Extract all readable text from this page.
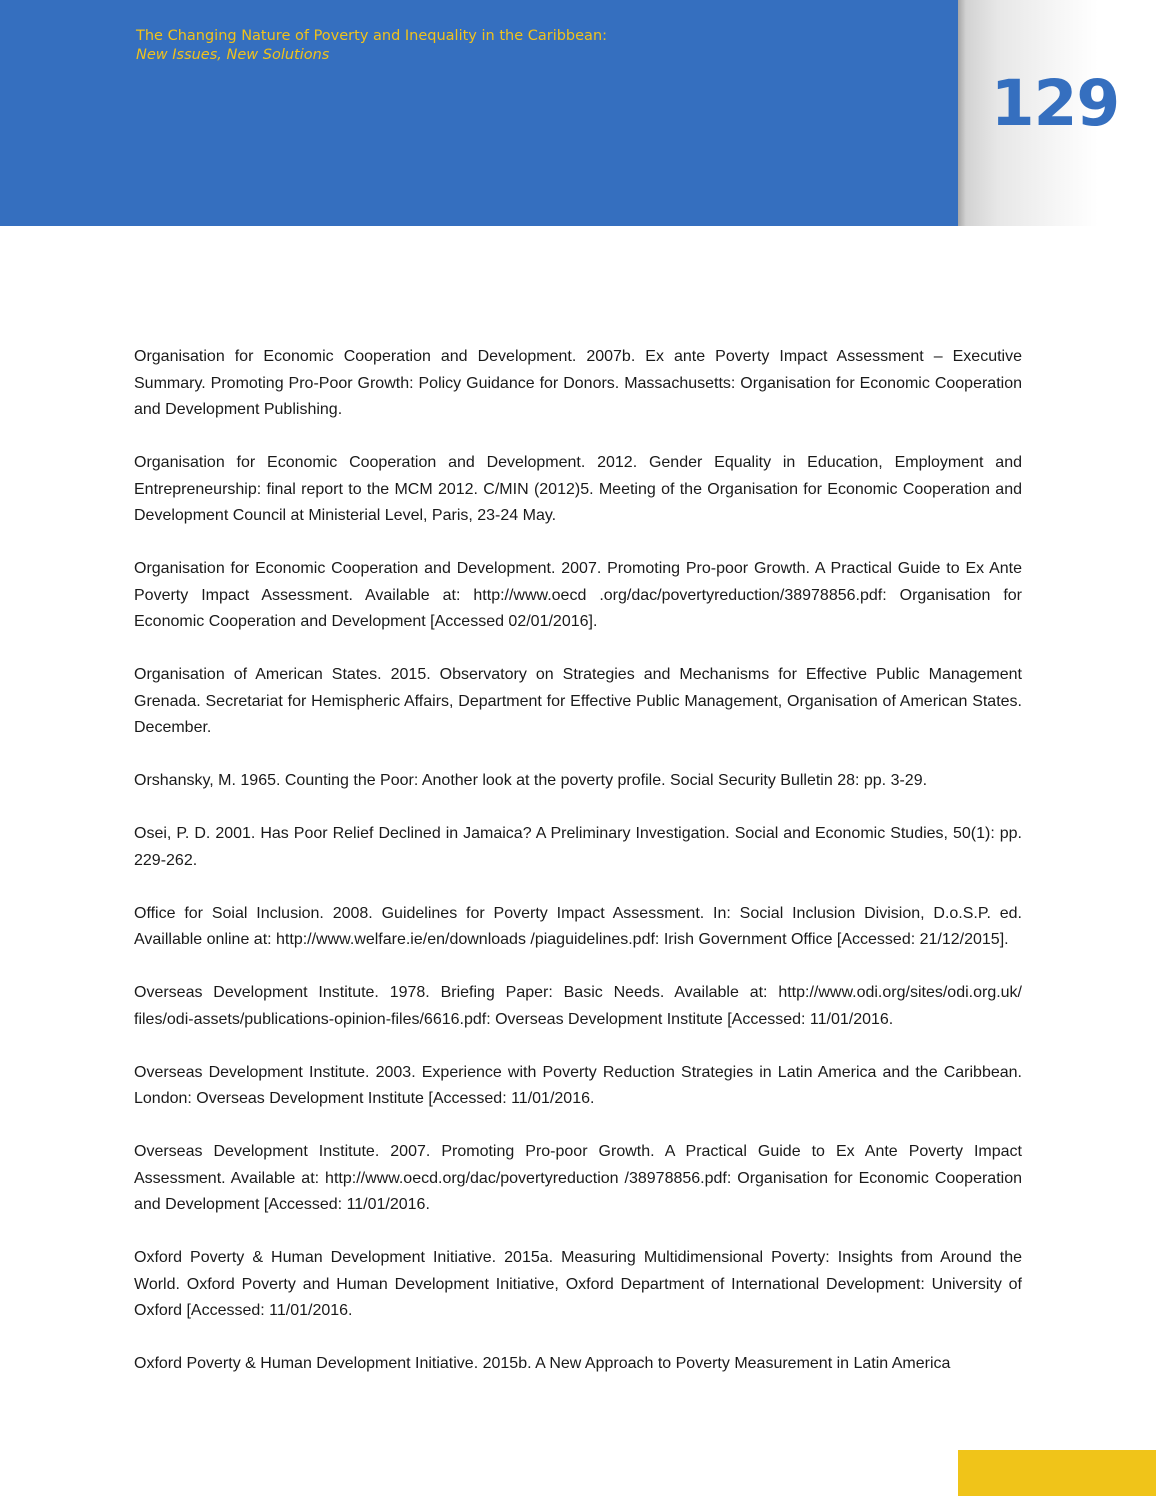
The Changing Nature of Poverty and Inequality in the Caribbean:
New Issues, New Solutions
129
Organisation for Economic Cooperation and Development. 2007b. Ex ante Poverty Impact Assessment – Executive Summary. Promoting Pro-Poor Growth: Policy Guidance for Donors. Massachusetts: Organisation for Economic Cooperation and Development Publishing.
Organisation for Economic Cooperation and Development. 2012. Gender Equality in Education, Employment and Entrepreneurship: final report to the MCM 2012. C/MIN (2012)5. Meeting of the Organisation for Economic Cooperation and Development Council at Ministerial Level, Paris, 23-24 May.
Organisation for Economic Cooperation and Development. 2007. Promoting Pro-poor Growth. A Practical Guide to Ex Ante Poverty Impact Assessment. Available at: http://www.oecd .org/dac/povertyreduction/38978856.pdf: Organisation for Economic Cooperation and Development [Accessed 02/01/2016].
Organisation of American States. 2015. Observatory on Strategies and Mechanisms for Effective Public Management Grenada. Secretariat for Hemispheric Affairs, Department for Effective Public Management, Organisation of American States. December.
Orshansky, M. 1965. Counting the Poor: Another look at the poverty profile. Social Security Bulletin 28: pp. 3-29.
Osei, P. D. 2001. Has Poor Relief Declined in Jamaica? A Preliminary Investigation. Social and Economic Studies, 50(1): pp. 229-262.
Office for Soial Inclusion. 2008. Guidelines for Poverty Impact Assessment. In: Social Inclusion Division, D.o.S.P. ed. Availlable online at: http://www.welfare.ie/en/downloads /piaguidelines.pdf: Irish Government Office [Accessed: 21/12/2015].
Overseas Development Institute. 1978. Briefing Paper: Basic Needs. Available at: http://www.odi.org/sites/odi.org.uk/ files/odi-assets/publications-opinion-files/6616.pdf: Overseas Development Institute [Accessed: 11/01/2016.
Overseas Development Institute. 2003. Experience with Poverty Reduction Strategies in Latin America and the Caribbean. London: Overseas Development Institute [Accessed: 11/01/2016.
Overseas Development Institute. 2007. Promoting Pro-poor Growth. A Practical Guide to Ex Ante Poverty Impact Assessment. Available at: http://www.oecd.org/dac/povertyreduction /38978856.pdf: Organisation for Economic Cooperation and Development [Accessed: 11/01/2016.
Oxford Poverty & Human Development Initiative. 2015a. Measuring Multidimensional Poverty: Insights from Around the World. Oxford Poverty and Human Development Initiative, Oxford Department of International Development: University of Oxford [Accessed: 11/01/2016.
Oxford Poverty & Human Development Initiative. 2015b. A New Approach to Poverty Measurement in Latin America
